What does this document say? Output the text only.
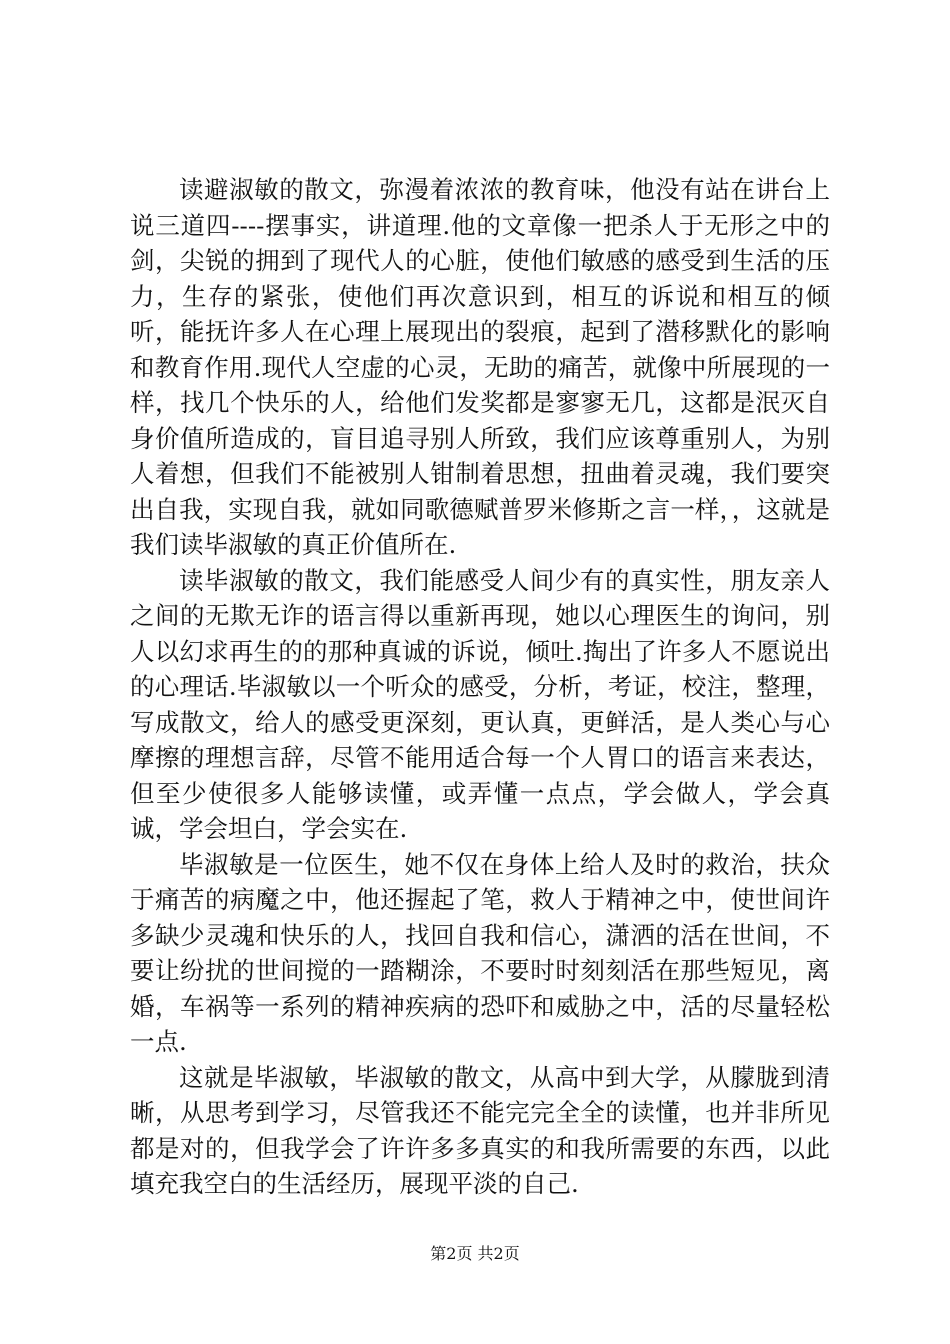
读避淑敏的散文，弥漫着浓浓的教育味，他没有站在讲台上说三道四----摆事实，讲道理.他的文章像一把杀人于无形之中的剑，尖锐的拥到了现代人的心脏，使他们敏感的感受到生活的压力，生存的紧张，使他们再次意识到，相互的诉说和相互的倾听，能抚许多人在心理上展现出的裂痕，起到了潜移默化的影响和教育作用.现代人空虚的心灵，无助的痛苦，就像中所展现的一样，找几个快乐的人，给他们发奖都是寥寥无几，这都是泯灭自身价值所造成的，盲目追寻别人所致，我们应该尊重别人，为别人着想，但我们不能被别人钳制着思想，扭曲着灵魂，我们要突出自我，实现自我，就如同歌德赋普罗米修斯之言一样，，这就是我们读毕淑敏的真正价值所在.

读毕淑敏的散文，我们能感受人间少有的真实性，朋友亲人之间的无欺无诈的语言得以重新再现，她以心理医生的询问，别人以幻求再生的的那种真诚的诉说，倾吐.掏出了许多人不愿说出的心理话.毕淑敏以一个听众的感受，分析，考证，校注，整理，写成散文，给人的感受更深刻，更认真，更鲜活，是人类心与心摩擦的理想言辞，尽管不能用适合每一个人胃口的语言来表达，但至少使很多人能够读懂，或弄懂一点点，学会做人，学会真诚，学会坦白，学会实在.

毕淑敏是一位医生，她不仅在身体上给人及时的救治，扶众于痛苦的病魔之中，他还握起了笔，救人于精神之中，使世间许多缺少灵魂和快乐的人，找回自我和信心，潇洒的活在世间，不要让纷扰的世间搅的一踏糊涂，不要时时刻刻活在那些短见，离婚，车祸等一系列的精神疾病的恐吓和威胁之中，活的尽量轻松一点.

这就是毕淑敏，毕淑敏的散文，从高中到大学，从朦胧到清晰，从思考到学习，尽管我还不能完完全全的读懂，也并非所见都是对的，但我学会了许许多多真实的和我所需要的东西，以此填充我空白的生活经历，展现平淡的自己.

第2页 共2页
